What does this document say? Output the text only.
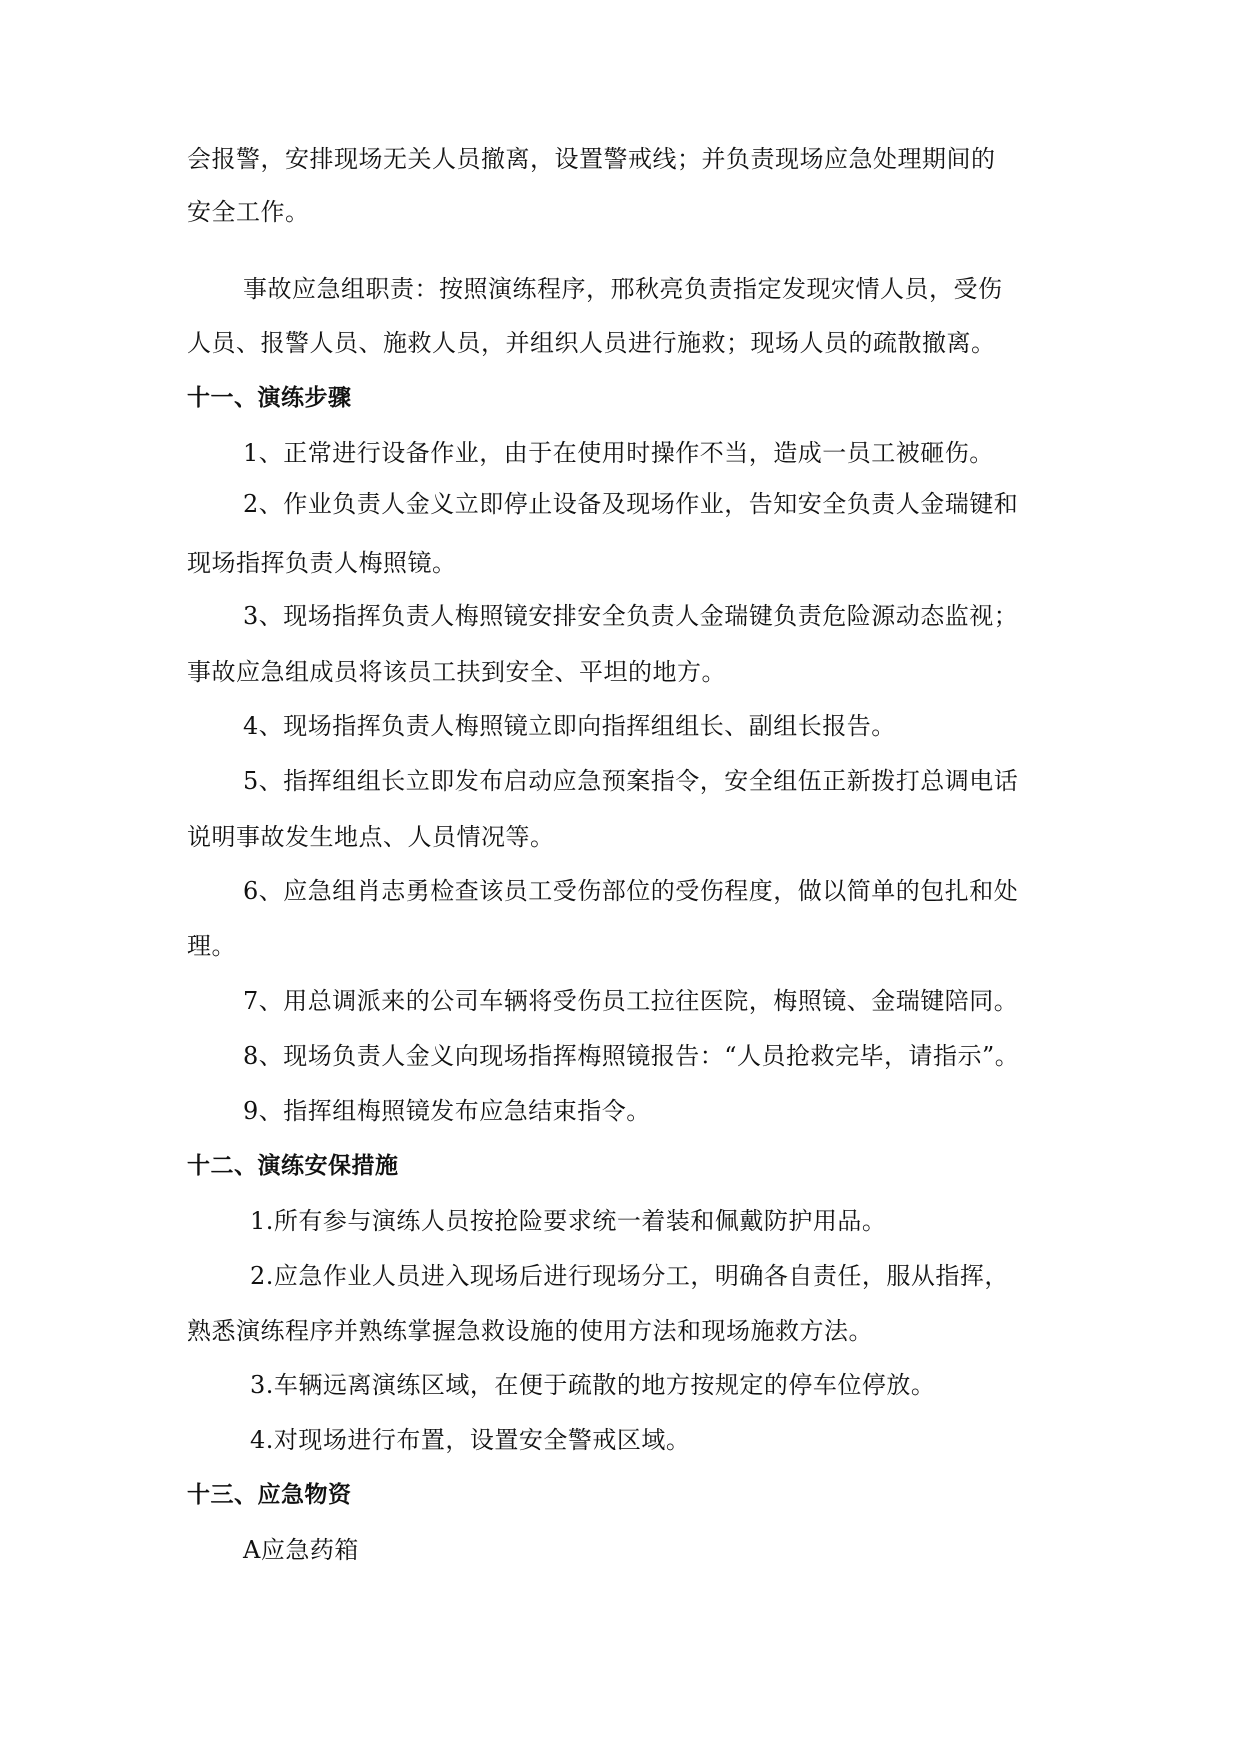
会报警，安排现场无关人员撤离，设置警戒线；并负责现场应急处理期间的
安全工作。
事故应急组职责：按照演练程序，邢秋亮负责指定发现灾情人员，受伤
人员、报警人员、施救人员，并组织人员进行施救；现场人员的疏散撤离。
十一、演练步骤
1、正常进行设备作业，由于在使用时操作不当，造成一员工被砸伤。
2、作业负责人金义立即停止设备及现场作业，告知安全负责人金瑞键和
现场指挥负责人梅照镜。
3、现场指挥负责人梅照镜安排安全负责人金瑞键负责危险源动态监视；
事故应急组成员将该员工扶到安全、平坦的地方。
4、现场指挥负责人梅照镜立即向指挥组组长、副组长报告。
5、指挥组组长立即发布启动应急预案指令，安全组伍正新拨打总调电话
说明事故发生地点、人员情况等。
6、应急组肖志勇检查该员工受伤部位的受伤程度，做以简单的包扎和处
理。
7、用总调派来的公司车辆将受伤员工拉往医院，梅照镜、金瑞键陪同。
8、现场负责人金义向现场指挥梅照镜报告：“人员抢救完毕，请指示”。
9、指挥组梅照镜发布应急结束指令。
十二、演练安保措施
1.所有参与演练人员按抢险要求统一着装和佩戴防护用品。
2.应急作业人员进入现场后进行现场分工，明确各自责任，服从指挥，
熟悉演练程序并熟练掌握急救设施的使用方法和现场施救方法。
3.车辆远离演练区域，在便于疏散的地方按规定的停车位停放。
4.对现场进行布置，设置安全警戒区域。
十三、应急物资
A应急药箱
